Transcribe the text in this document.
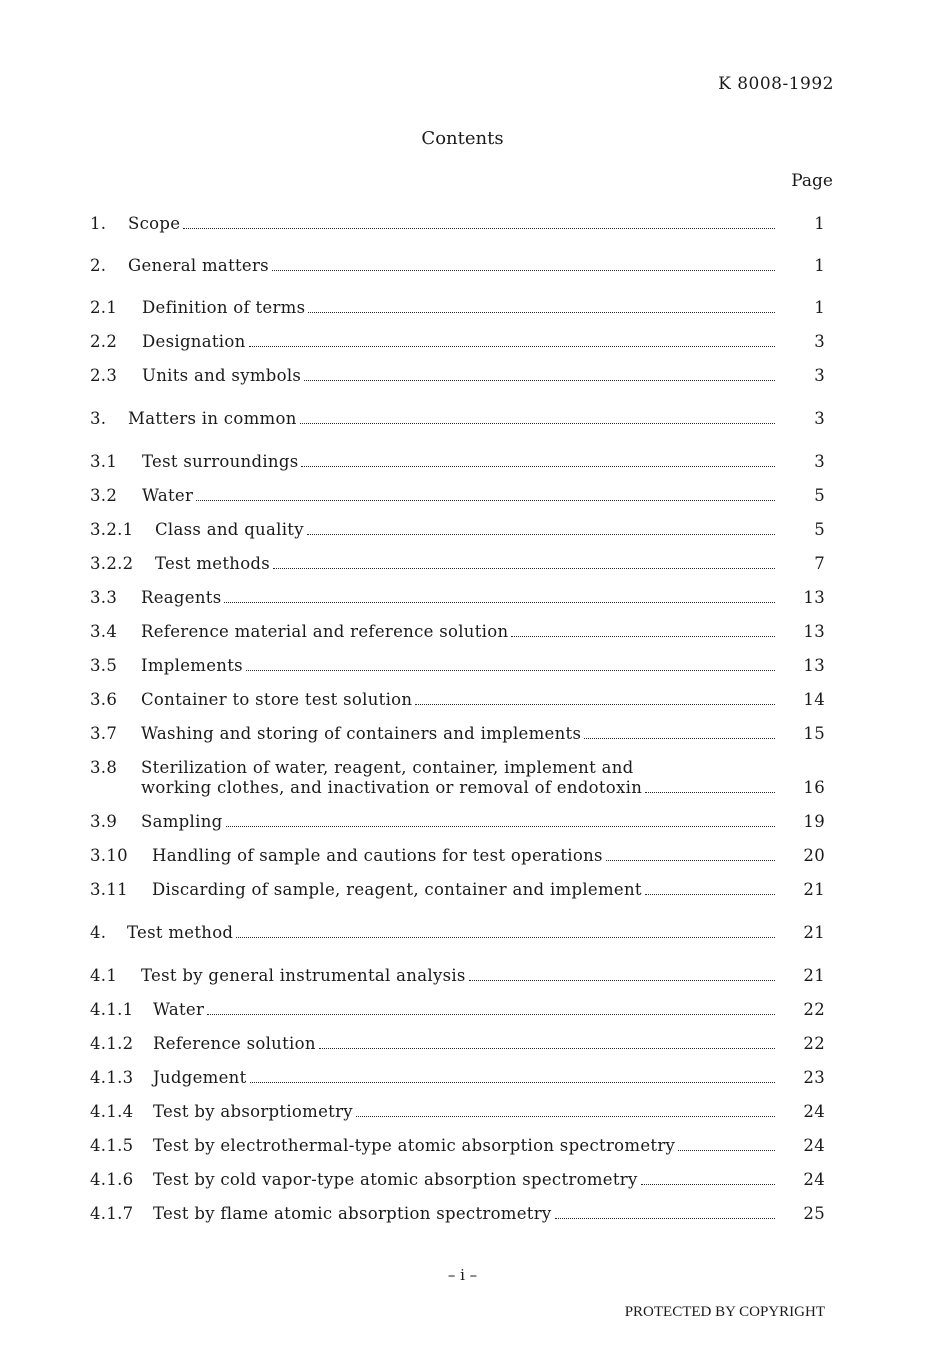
K 8008-1992
Contents
Page
1. Scope	1
2. General matters	1
2.1 Definition of terms	1
2.2 Designation	3
2.3 Units and symbols	3
3. Matters in common	3
3.1 Test surroundings	3
3.2 Water	5
3.2.1 Class and quality	5
3.2.2 Test methods	7
3.3 Reagents	13
3.4 Reference material and reference solution	13
3.5 Implements	13
3.6 Container to store test solution	14
3.7 Washing and storing of containers and implements	15
3.8 Sterilization of water, reagent, container, implement and
working clothes, and inactivation or removal of endotoxin	16
3.9 Sampling	19
3.10 Handling of sample and cautions for test operations	20
3.11 Discarding of sample, reagent, container and implement	21
4. Test method	21
4.1 Test by general instrumental analysis	21
4.1.1 Water	22
4.1.2 Reference solution	22
4.1.3 Judgement	23
4.1.4 Test by absorptiometry	24
4.1.5 Test by electrothermal-type atomic absorption spectrometry	24
4.1.6 Test by cold vapor-type atomic absorption spectrometry	24
4.1.7 Test by flame atomic absorption spectrometry	25
– i –
PROTECTED BY COPYRIGHT
